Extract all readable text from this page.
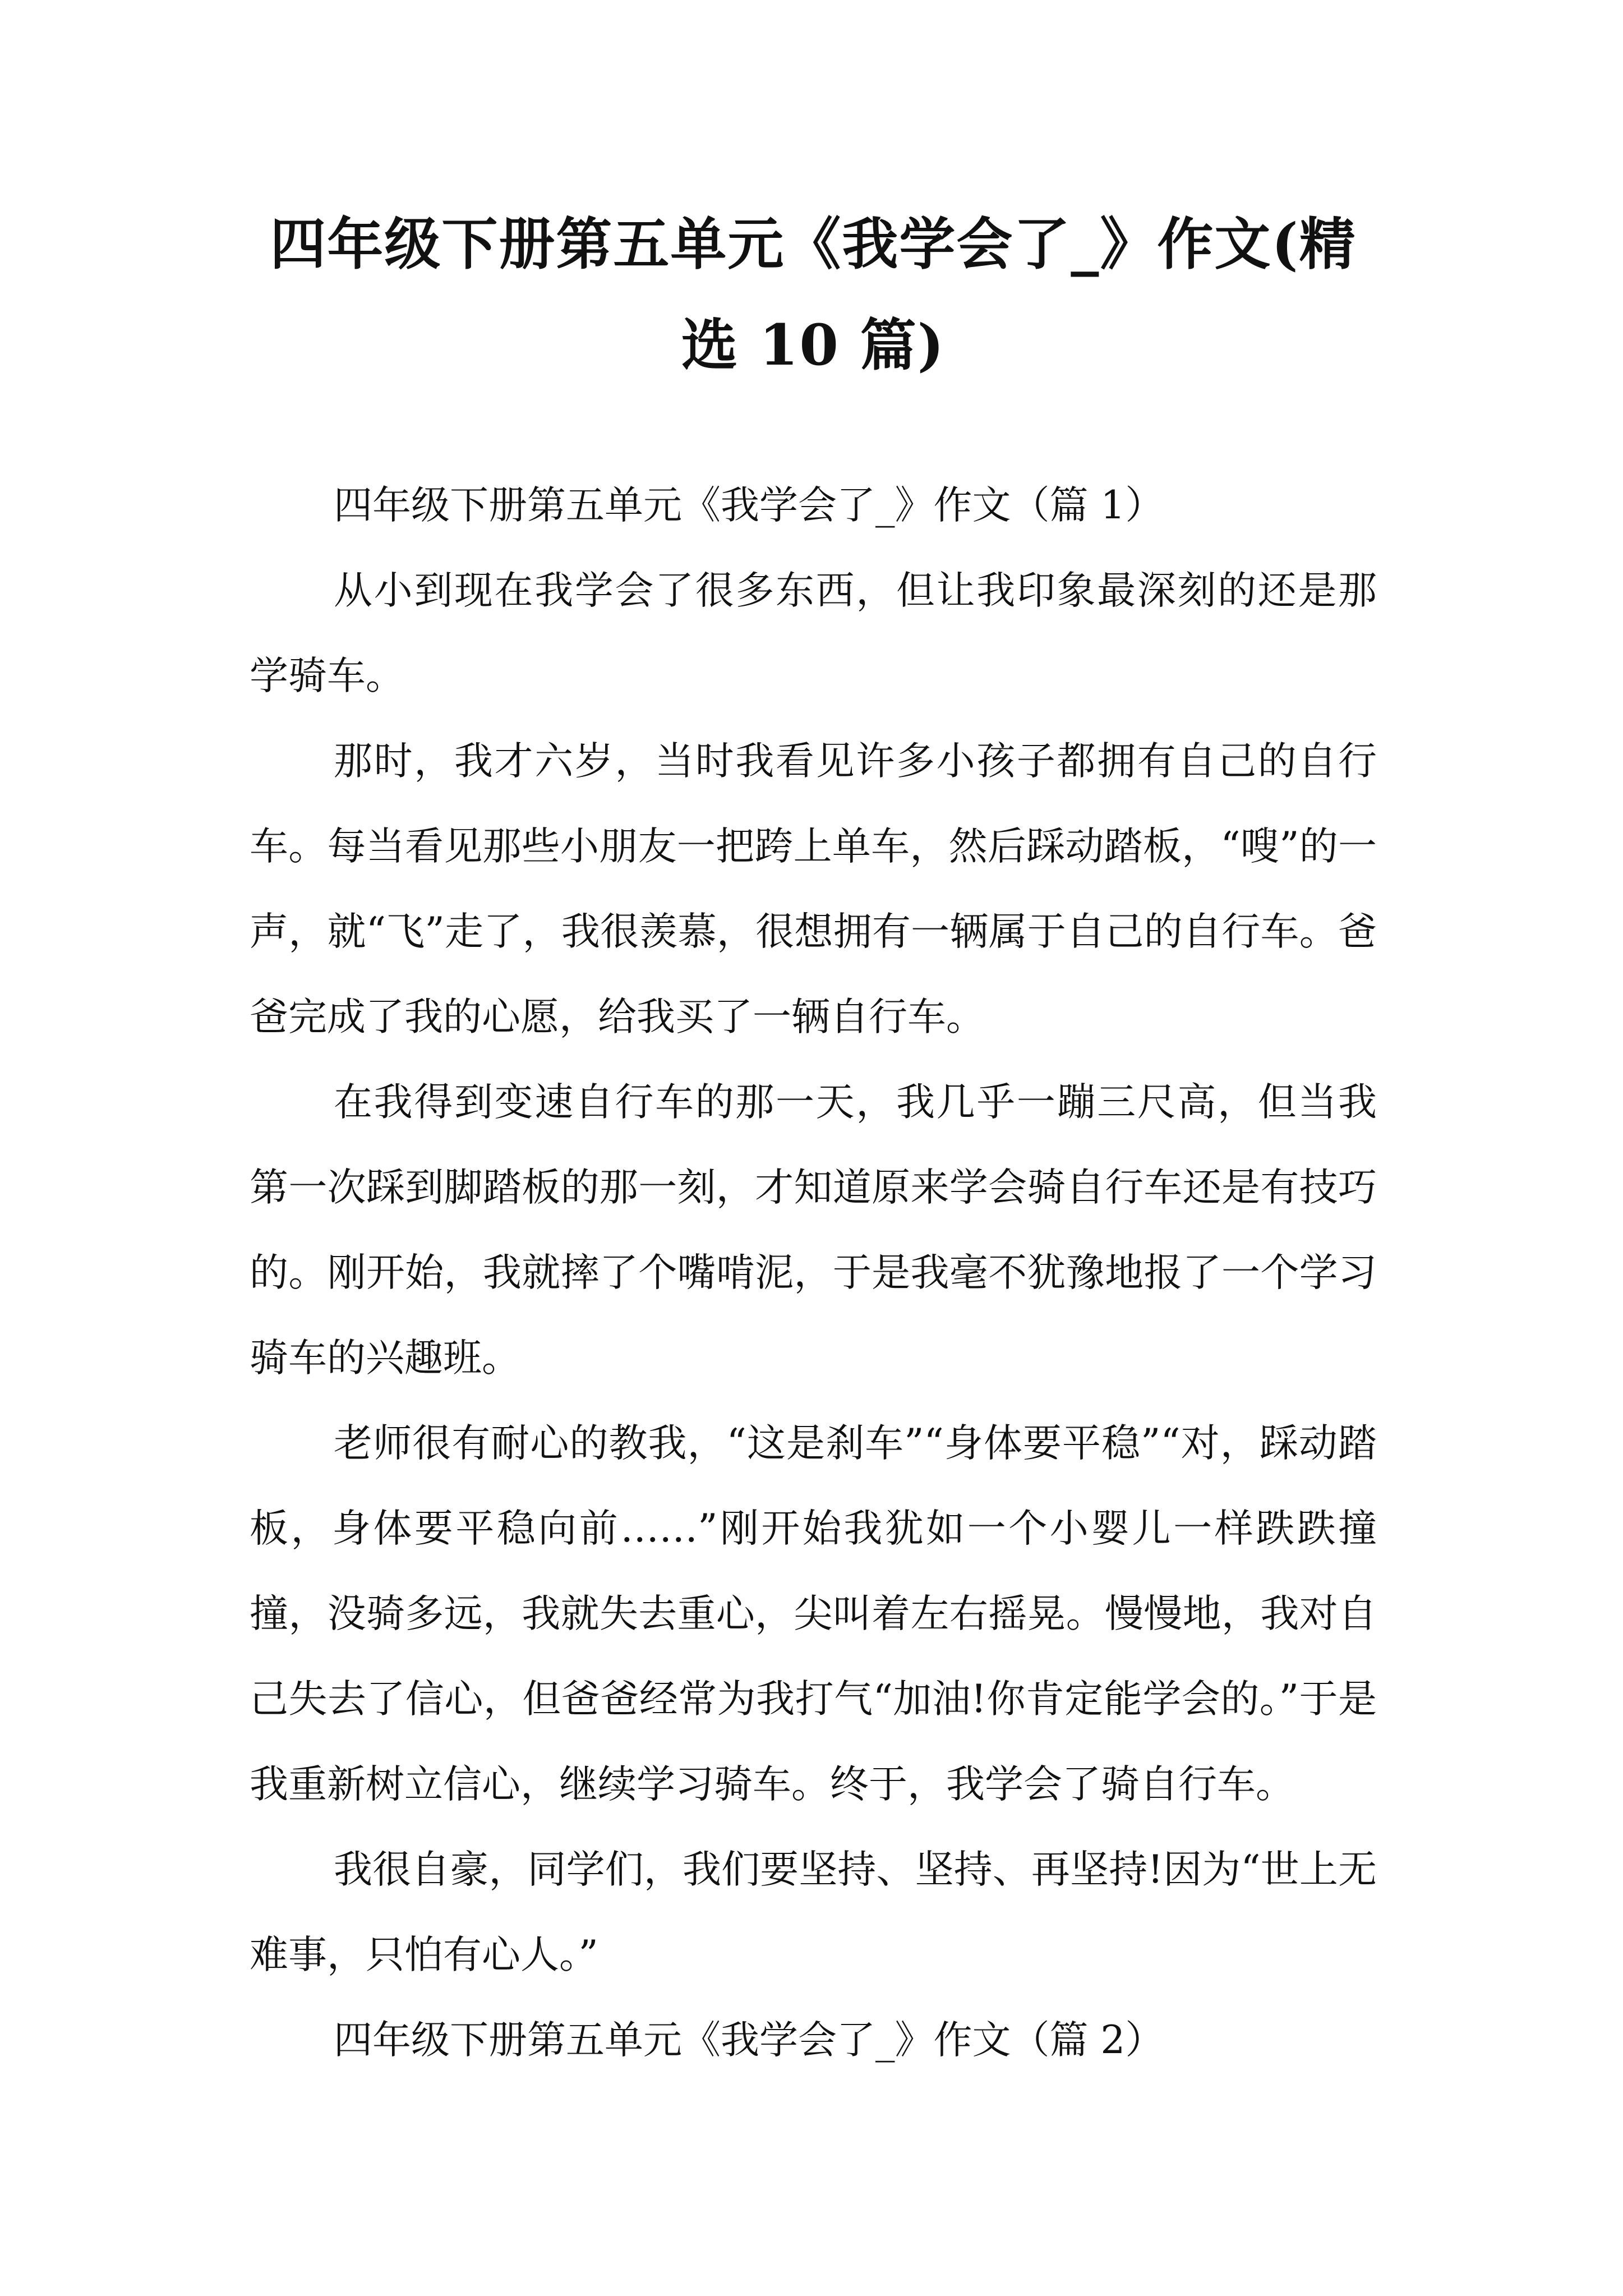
四年级下册第五单元《我学会了_》作文(精
选 10 篇)

四年级下册第五单元《我学会了_》作文（篇 1）

从小到现在我学会了很多东西，但让我印象最深刻的还是那学骑车。

那时，我才六岁，当时我看见许多小孩子都拥有自己的自行车。每当看见那些小朋友一把跨上单车，然后踩动踏板，“嗖”的一声，就“飞”走了，我很羡慕，很想拥有一辆属于自己的自行车。爸爸完成了我的心愿，给我买了一辆自行车。

在我得到变速自行车的那一天，我几乎一蹦三尺高，但当我第一次踩到脚踏板的那一刻，才知道原来学会骑自行车还是有技巧的。刚开始，我就摔了个嘴啃泥，于是我毫不犹豫地报了一个学习骑车的兴趣班。

老师很有耐心的教我，“这是刹车”“身体要平稳”“对，踩动踏板，身体要平稳向前……”刚开始我犹如一个小婴儿一样跌跌撞撞，没骑多远，我就失去重心，尖叫着左右摇晃。慢慢地，我对自己失去了信心，但爸爸经常为我打气“加油!你肯定能学会的。”于是我重新树立信心，继续学习骑车。终于，我学会了骑自行车。

我很自豪，同学们，我们要坚持、坚持、再坚持!因为“世上无难事，只怕有心人。”

四年级下册第五单元《我学会了_》作文（篇 2）
